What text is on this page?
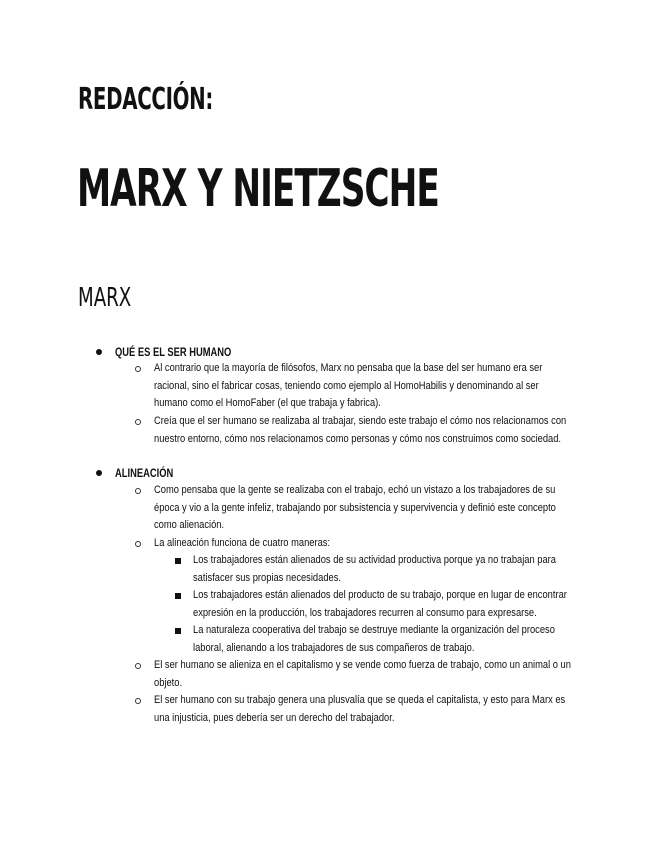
REDACCIÓN:
MARX Y NIETZSCHE
MARX
QUÉ ES EL SER HUMANO
Al contrario que la mayoría de filósofos, Marx no pensaba que la base del ser humano era ser racional, sino el fabricar cosas, teniendo como ejemplo al HomoHabilis y denominando al ser humano como el HomoFaber (el que trabaja y fabrica).
Creía que el ser humano se realizaba al trabajar, siendo este trabajo el cómo nos relacionamos con nuestro entorno, cómo nos relacionamos como personas y cómo nos construimos como sociedad.
ALINEACIÓN
Como pensaba que la gente se realizaba con el trabajo, echó un vistazo a los trabajadores de su época y vio a la gente infeliz, trabajando por subsistencia y supervivencia y definió este concepto como alienación.
La alineación funciona de cuatro maneras:
Los trabajadores están alienados de su actividad productiva porque ya no trabajan para satisfacer sus propias necesidades.
Los trabajadores están alienados del producto de su trabajo, porque en lugar de encontrar expresión en la producción, los trabajadores recurren al consumo para expresarse.
La naturaleza cooperativa del trabajo se destruye mediante la organización del proceso laboral, alienando a los trabajadores de sus compañeros de trabajo.
El ser humano se alieniza en el capitalismo y se vende como fuerza de trabajo, como un animal o un objeto.
El ser humano con su trabajo genera una plusvalía que se queda el capitalista, y esto para Marx es una injusticia, pues debería ser un derecho del trabajador.
